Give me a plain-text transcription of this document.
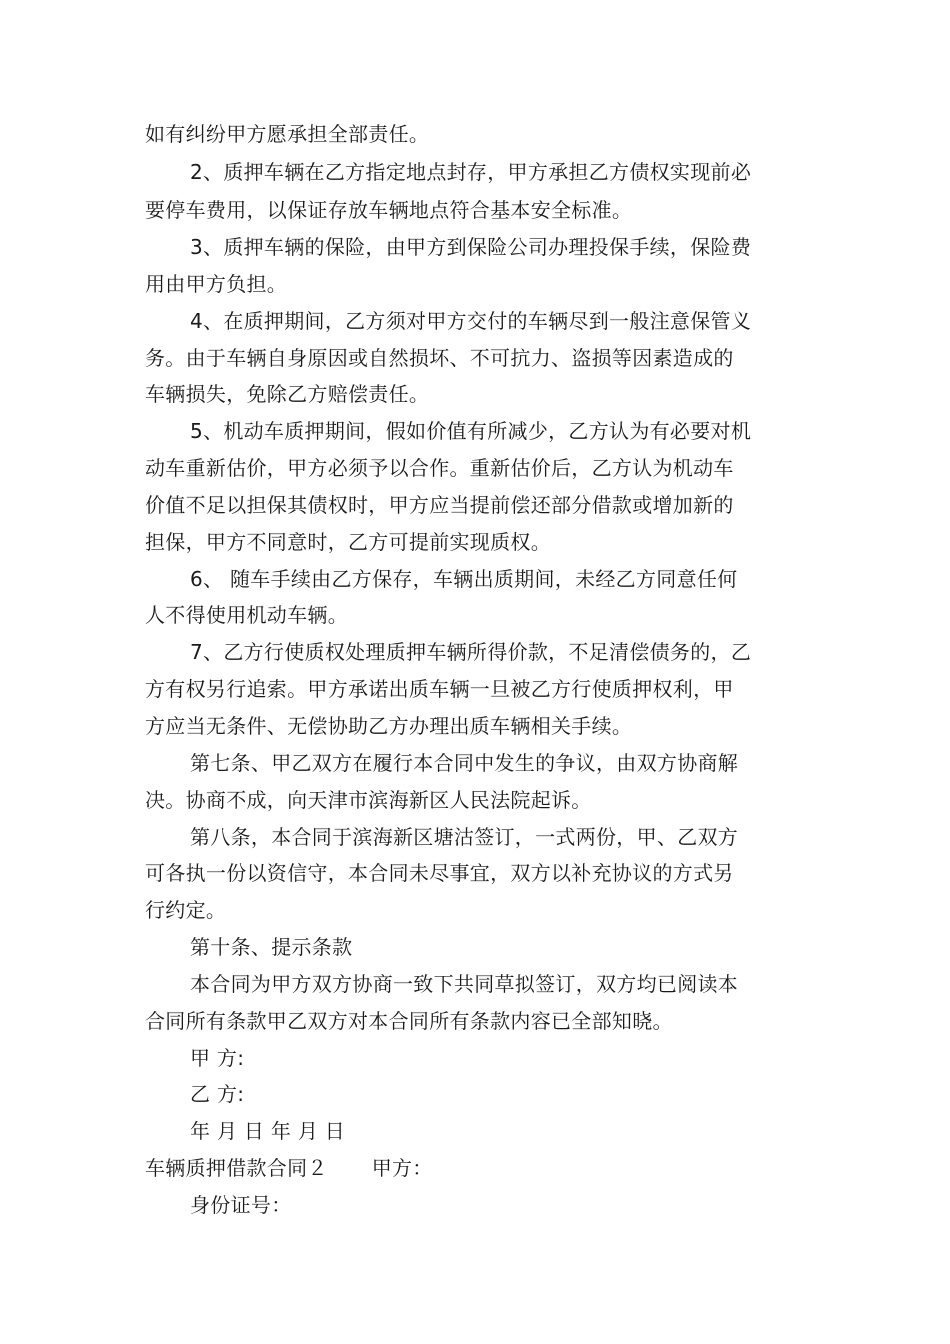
如有纠纷甲方愿承担全部责任。
2、质押车辆在乙方指定地点封存，甲方承担乙方债权实现前必
要停车费用，以保证存放车辆地点符合基本安全标准。
3、质押车辆的保险，由甲方到保险公司办理投保手续，保险费
用由甲方负担。
4、在质押期间，乙方须对甲方交付的车辆尽到一般注意保管义
务。由于车辆自身原因或自然损坏、不可抗力、盗损等因素造成的
车辆损失，免除乙方赔偿责任。
5、机动车质押期间，假如价值有所减少，乙方认为有必要对机
动车重新估价，甲方必须予以合作。重新估价后，乙方认为机动车
价值不足以担保其债权时，甲方应当提前偿还部分借款或增加新的
担保，甲方不同意时，乙方可提前实现质权。
6、 随车手续由乙方保存，车辆出质期间，未经乙方同意任何
人不得使用机动车辆。
7、乙方行使质权处理质押车辆所得价款，不足清偿债务的，乙
方有权另行追索。甲方承诺出质车辆一旦被乙方行使质押权利，甲
方应当无条件、无偿协助乙方办理出质车辆相关手续。
第七条、甲乙双方在履行本合同中发生的争议，由双方协商解
决。协商不成，向天津市滨海新区人民法院起诉。
第八条，本合同于滨海新区塘沽签订，一式两份，甲、乙双方
可各执一份以资信守，本合同未尽事宜，双方以补充协议的方式另
行约定。
第十条、提示条款
本合同为甲方双方协商一致下共同草拟签订，双方均已阅读本
合同所有条款甲乙双方对本合同所有条款内容已全部知晓。
甲 方:
乙 方:
年 月 日 年 月 日
车辆质押借款合同２ 甲方：
身份证号：
